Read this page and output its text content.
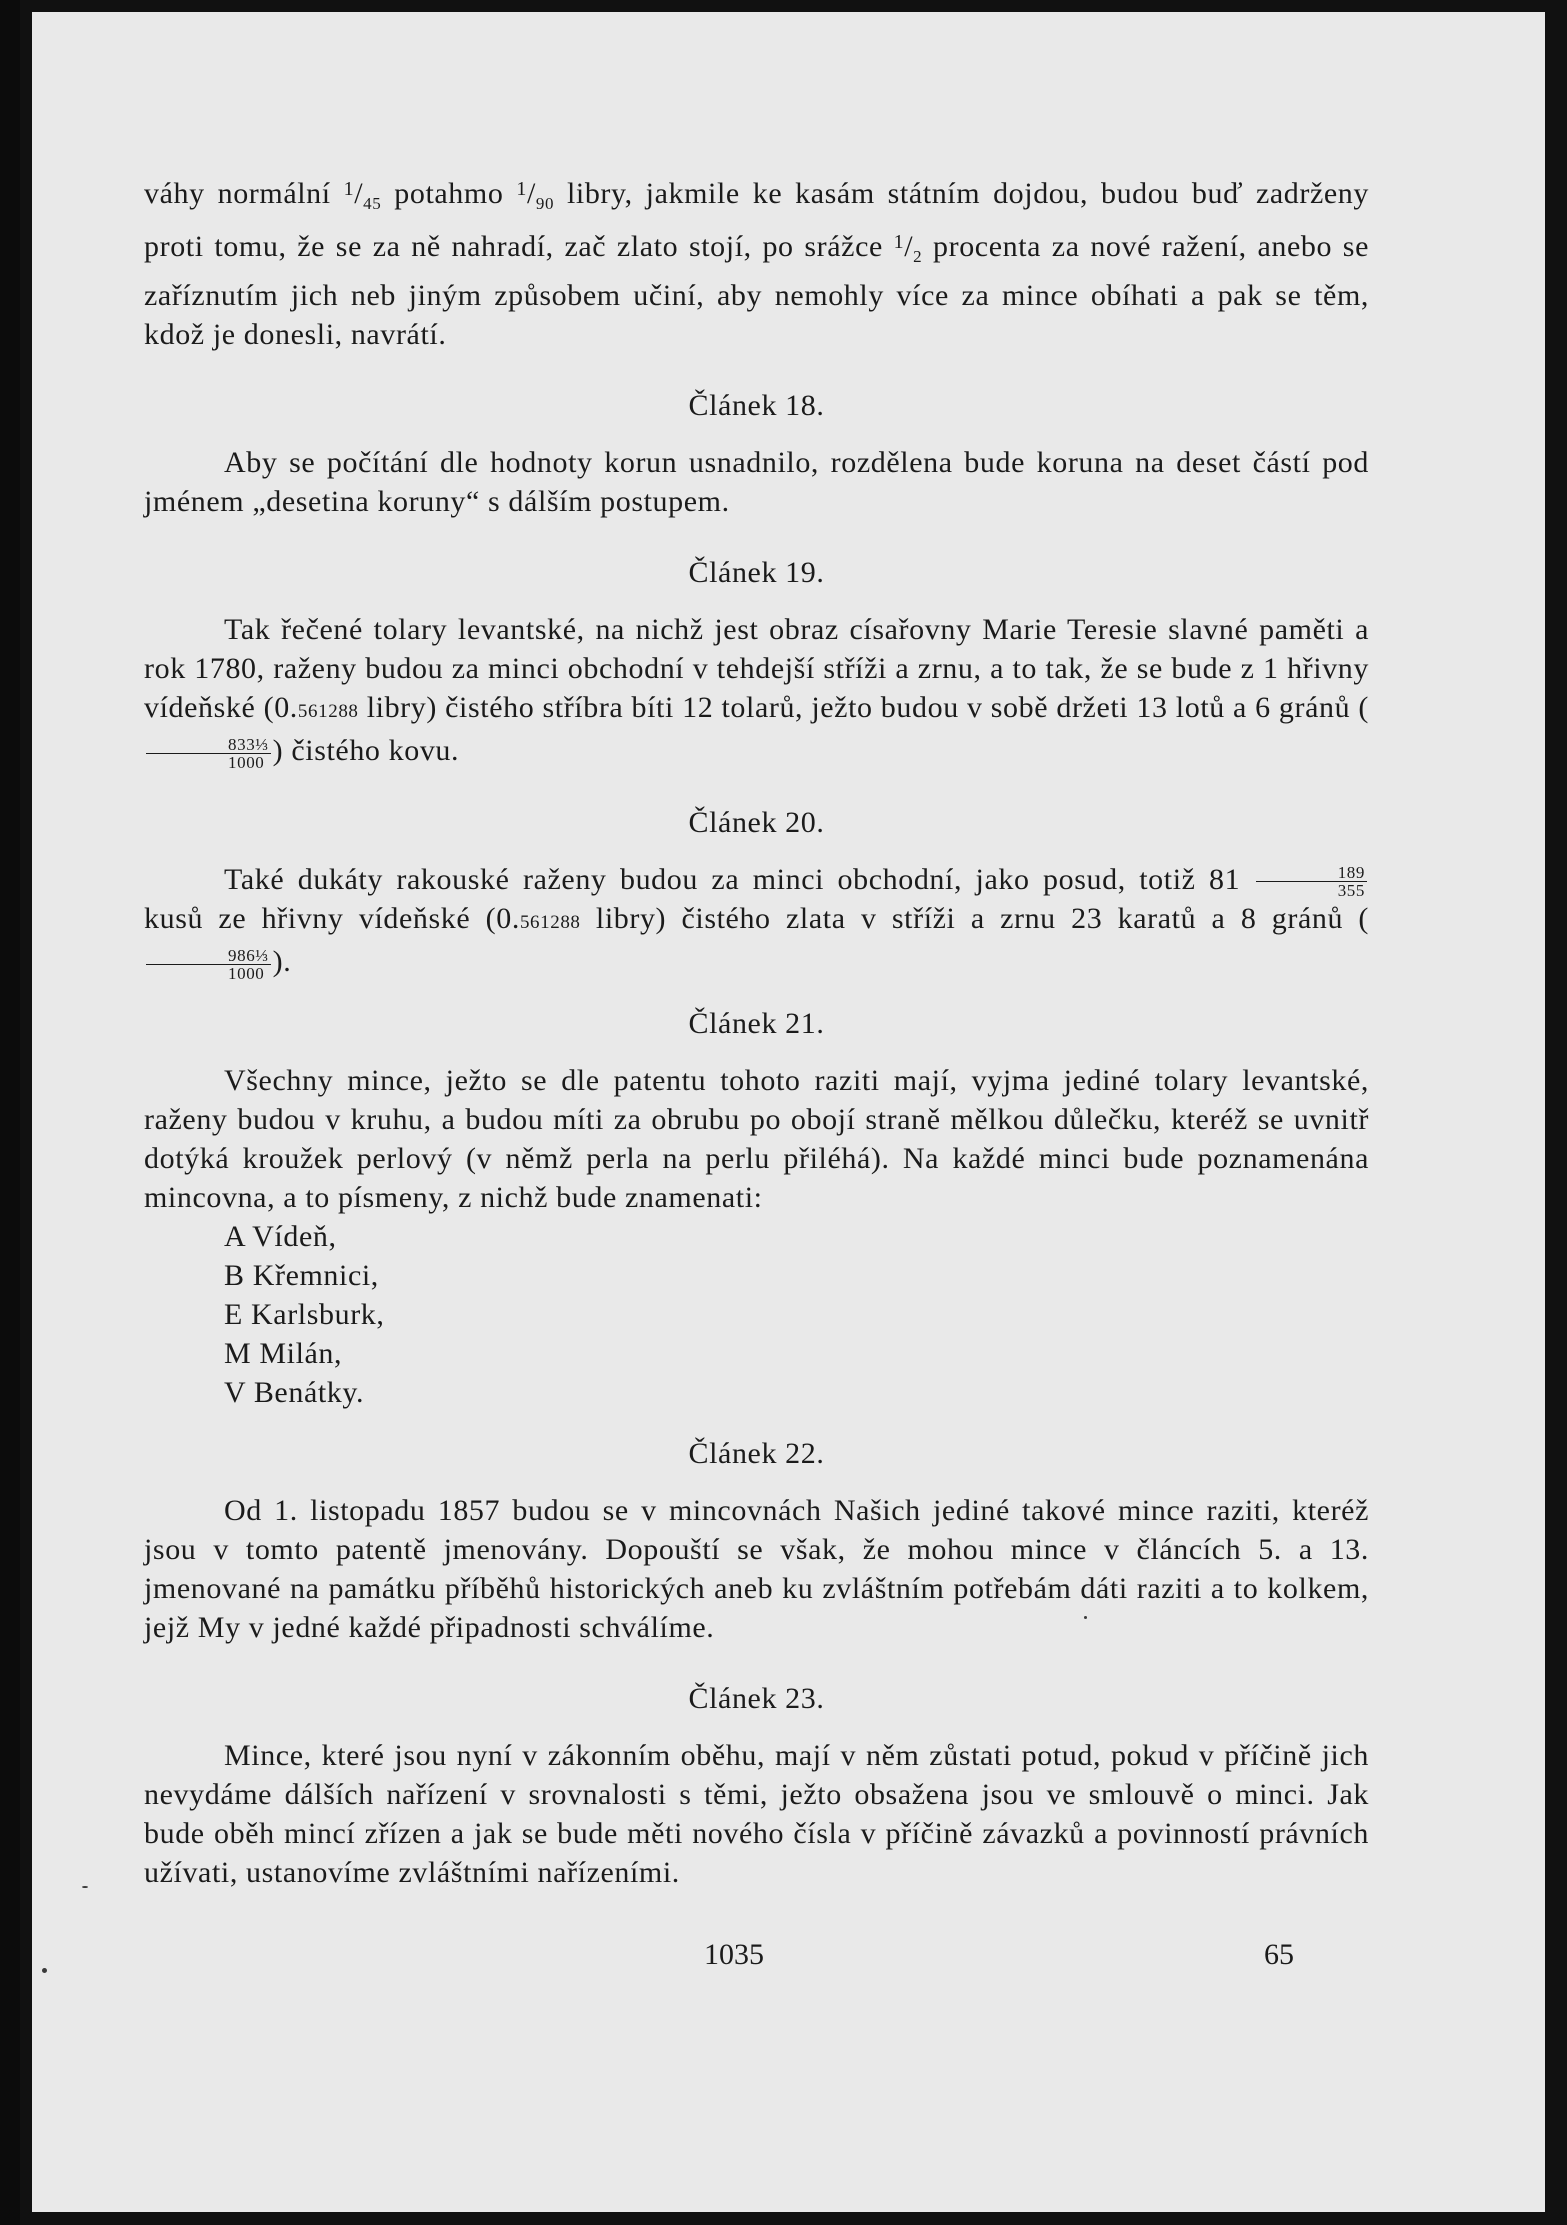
váhy normální $^1/_{45}$ potahmo $^1/_{90}$ libry, jakmile ke kasám státním dojdou, budou buď zadrženy proti tomu, že se za ně nahradí, zač zlato stojí, po srážce $^1/_2$ procenta za nové ražení, anebo se zaříznutím jich neb jiným způsobem učiní, aby nemohly více za mince obíhati a pak se těm, kdož je donesli, navrátí.

Článek 18.

Aby se počítání dle hodnoty korun usnadnilo, rozdělena bude koruna na deset částí pod jménem „desetina koruny“ s dálším postupem.

Článek 19.

Tak řečené tolary levantské, na nichž jest obraz císařovny Marie Teresie slavné paměti a rok 1780, raženy budou za minci obchodní v tehdejší stříži a zrnu, a to tak, že se bude z 1 hřivny vídeňské (0.561288 libry) čistého stříbra bíti 12 tolarů, ježto budou v sobě držeti 13 lotů a 6 gránů (
$\frac{\text{833⅓}}{1000}$ ) čistého kovu.

Článek 20.

Také dukáty rakouské raženy budou za minci obchodní, jako posud, totiž $81 \frac{189}{355}$
kusů ze hřivny vídeňské (0.561288 libry) čistého zlata v stříži a zrnu 23 karatů a 8 gránů (
$\frac{\text{986⅓}}{1000}$ ).

Článek 21.

Všechny mince, ježto se dle patentu tohoto raziti mají, vyjma jediné tolary levantské, raženy budou v kruhu, a budou míti za obrubu po obojí straně mělkou důlečku, kteréž se uvnitř dotýká kroužek perlový (v němž perla na perlu přiléhá). Na každé minci bude poznamenána mincovna, a to písmeny, z nichž bude znamenati:

A Vídeň,
B Křemnici,
E Karlsburk,
M Milán,
V Benátky.

Článek 22.

Od 1. listopadu 1857 budou se v mincovnách Našich jediné takové mince raziti, kteréž jsou v tomto patentě jmenovány. Dopouští se však, že mohou mince v článcích 5. a 13. jmenované na památku příběhů historických aneb ku zvláštním potřebám dáti raziti a to kolkem, jejž My v jedné každé připadnosti schválíme.

Článek 23.

Mince, které jsou nyní v zákonním oběhu, mají v něm zůstati potud, pokud v příčině jich nevydáme dálších nařízení v srovnalosti s těmi, ježto obsažena jsou ve smlouvě o minci. Jak bude oběh mincí zřízen a jak se bude měti nového čísla v příčině závazků a povinností právních užívati, ustanovíme zvláštními nařízeními.

1035	65
